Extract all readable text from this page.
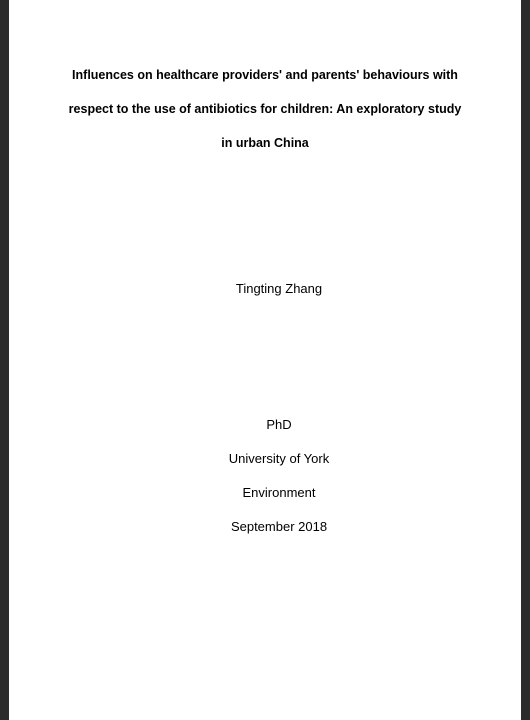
Influences on healthcare providers' and parents' behaviours with
respect to the use of antibiotics for children: An exploratory study
in urban China
Tingting Zhang
PhD
University of York
Environment
September 2018
